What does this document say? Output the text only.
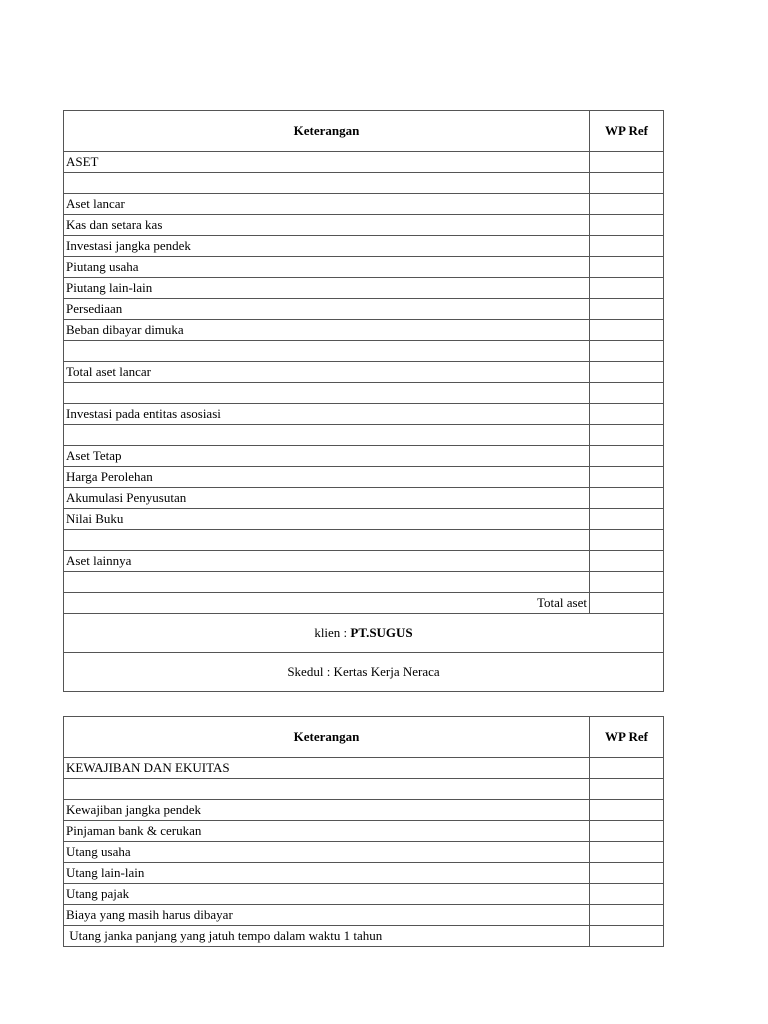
Keterangan	WP Ref
ASET	

Aset lancar	
Kas dan setara kas	
Investasi jangka pendek	
Piutang usaha	
Piutang lain-lain	
Persediaan	
Beban dibayar dimuka	

Total aset lancar	

Investasi pada entitas asosiasi	

Aset Tetap	
Harga Perolehan	
Akumulasi Penyusutan	
Nilai Buku	

Aset lainnya	

Total aset	
klien : PT.SUGUS	
Skedul : Kertas Kerja Neraca	
Keterangan	WP Ref
KEWAJIBAN DAN EKUITAS	

Kewajiban jangka pendek	
Pinjaman bank & cerukan	
Utang usaha	
Utang lain-lain	
Utang pajak	
Biaya yang masih harus dibayar	
Utang janka panjang yang jatuh tempo dalam waktu 1 tahun	
